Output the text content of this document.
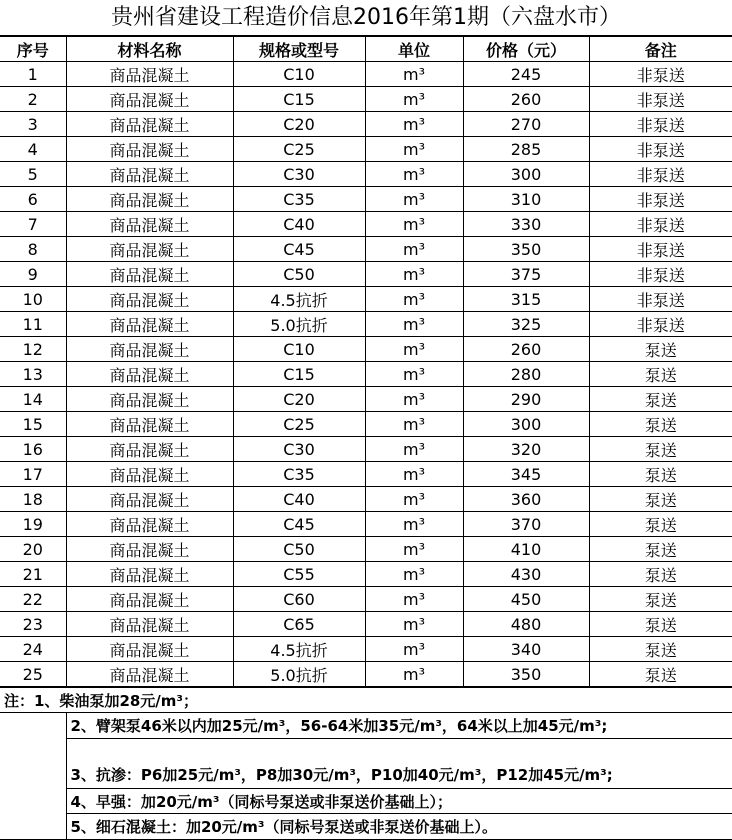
贵州省建设工程造价信息2016年第1期（六盘水市）
序号	材料名称	规格或型号	单位	价格（元）	备注
1	商品混凝土	C10	m³	245	非泵送
2	商品混凝土	C15	m³	260	非泵送
3	商品混凝土	C20	m³	270	非泵送
4	商品混凝土	C25	m³	285	非泵送
5	商品混凝土	C30	m³	300	非泵送
6	商品混凝土	C35	m³	310	非泵送
7	商品混凝土	C40	m³	330	非泵送
8	商品混凝土	C45	m³	350	非泵送
9	商品混凝土	C50	m³	375	非泵送
10	商品混凝土	4.5抗折	m³	315	非泵送
11	商品混凝土	5.0抗折	m³	325	非泵送
12	商品混凝土	C10	m³	260	泵送
13	商品混凝土	C15	m³	280	泵送
14	商品混凝土	C20	m³	290	泵送
15	商品混凝土	C25	m³	300	泵送
16	商品混凝土	C30	m³	320	泵送
17	商品混凝土	C35	m³	345	泵送
18	商品混凝土	C40	m³	360	泵送
19	商品混凝土	C45	m³	370	泵送
20	商品混凝土	C50	m³	410	泵送
21	商品混凝土	C55	m³	430	泵送
22	商品混凝土	C60	m³	450	泵送
23	商品混凝土	C65	m³	480	泵送
24	商品混凝土	4.5抗折	m³	340	泵送
25	商品混凝土	5.0抗折	m³	350	泵送
注：1、柴油泵加28元/m³；
	2、臂架泵46米以内加25元/m³，56-64米加35元/m³，64米以上加45元/m³;
3、抗渗：P6加25元/m³，P8加30元/m³，P10加40元/m³，P12加45元/m³;
4、早强：加20元/m³（同标号泵送或非泵送价基础上）；
5、细石混凝土：加20元/m³（同标号泵送或非泵送价基础上）。
